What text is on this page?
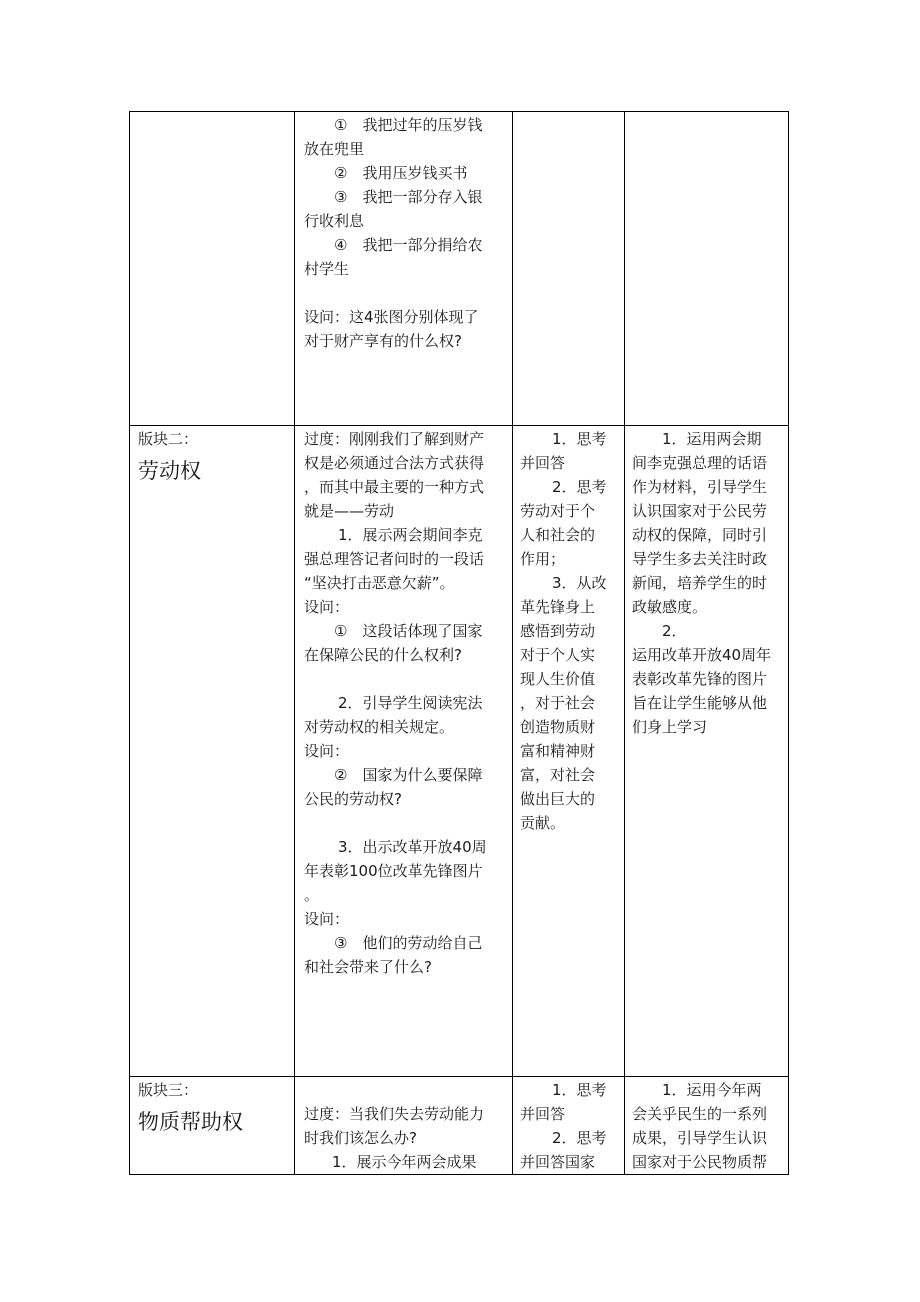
①　我把过年的压岁钱
放在兜里
②　我用压岁钱买书
③　我把一部分存入银
行收利息
④　我把一部分捐给农
村学生
设问：这4张图分别体现了
对于财产享有的什么权?
版块二：
劳动权
过度：刚刚我们了解到财产
权是必须通过合法方式获得
，而其中最主要的一种方式
就是——劳动
1．展示两会期间李克
强总理答记者问时的一段话
“坚决打击恶意欠薪”。
设问：
①　这段话体现了国家
在保障公民的什么权利?
2．引导学生阅读宪法
对劳动权的相关规定。
设问：
②　国家为什么要保障
公民的劳动权?
3．出示改革开放40周
年表彰100位改革先锋图片
。
设问：
③　他们的劳动给自己
和社会带来了什么?
1．思考
并回答
2．思考
劳动对于个
人和社会的
作用；
3．从改
革先锋身上
感悟到劳动
对于个人实
现人生价值
，对于社会
创造物质财
富和精神财
富，对社会
做出巨大的
贡献。
1．运用两会期
间李克强总理的话语
作为材料，引导学生
认识国家对于公民劳
动权的保障，同时引
导学生多去关注时政
新闻，培养学生的时
政敏感度。
2．
运用改革开放40周年
表彰改革先锋的图片
旨在让学生能够从他
们身上学习
版块三：
物质帮助权	过度：当我们失去劳动能力
时我们该怎么办?
1．展示今年两会成果
1．思考
并回答
2．思考
并回答国家
1．运用今年两
会关乎民生的一系列
成果，引导学生认识
国家对于公民物质帮
